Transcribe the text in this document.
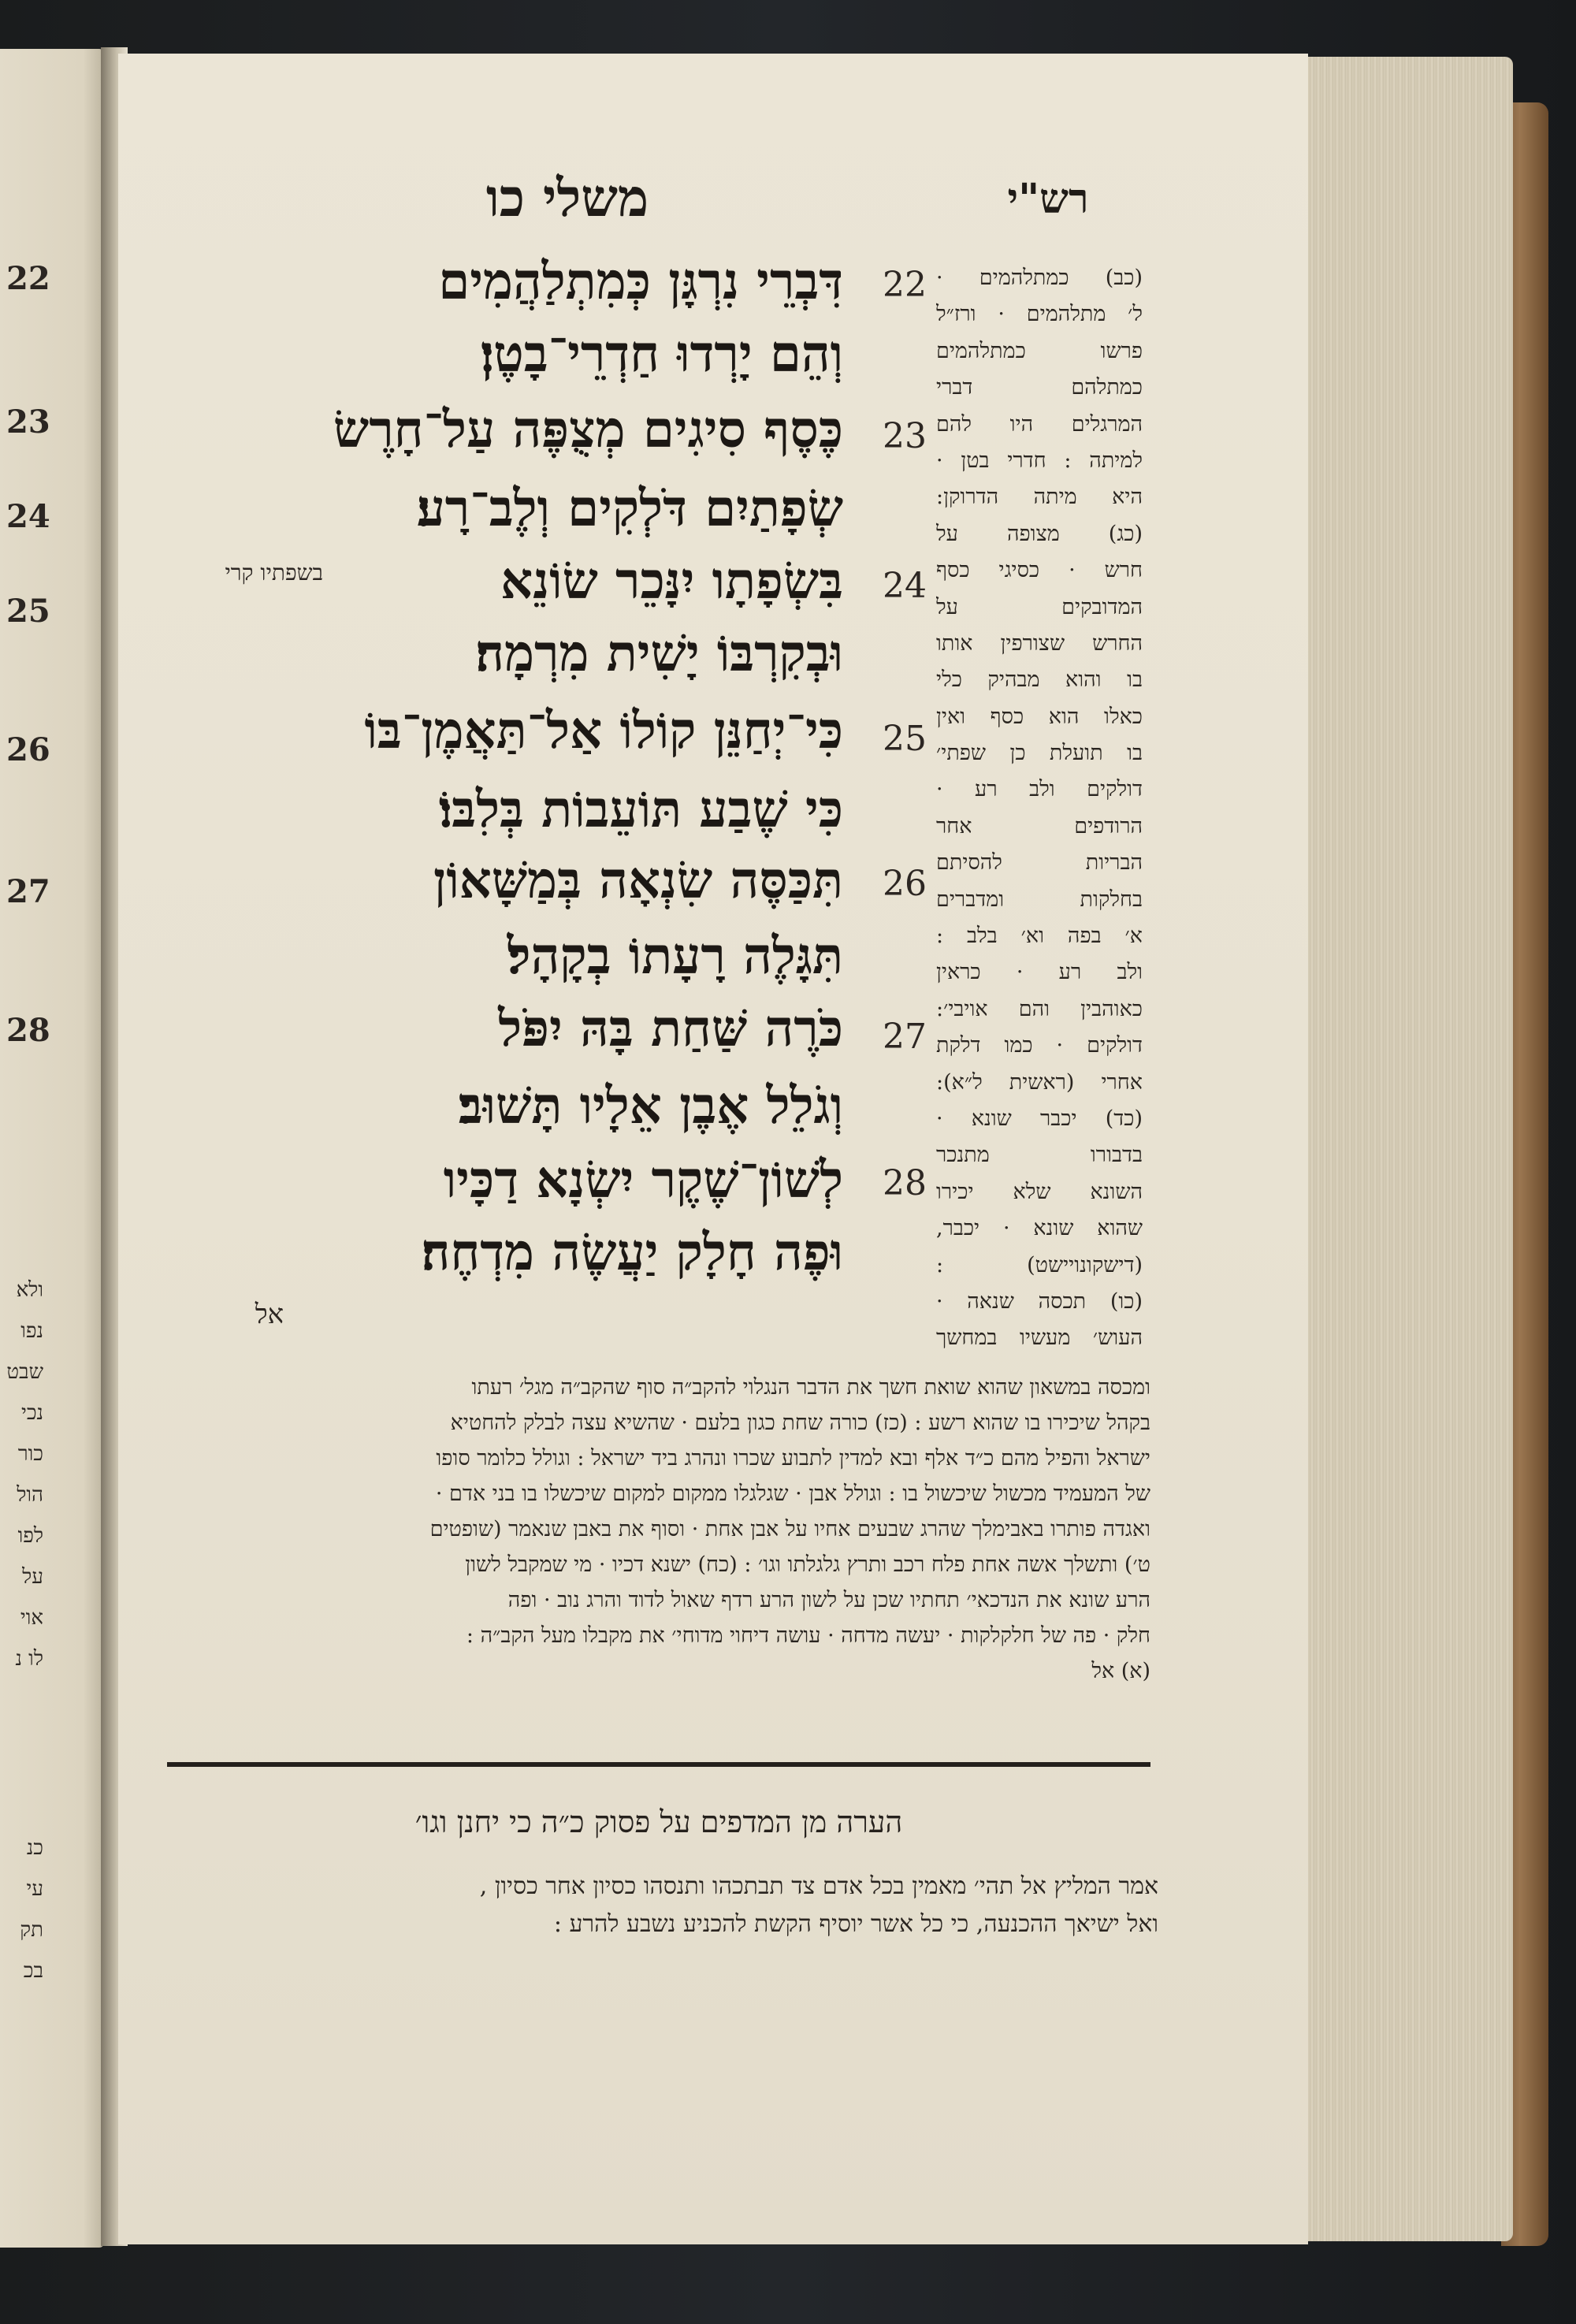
22
23
24
25
26
27
28
ולא
נפו
שבט
נכי
כור
הול
לפו
על
אוי
לו נ
כנ
עי
תק
בכ
משלי כו	רש"י
22
דִּבְרֵי נִרְגָּן כְּמִתְלַהֲמִים
וְהֵם יָרְדוּ חַדְרֵי־בָטֶן׃
23
כֶּסֶף סִיגִים מְצֻפֶּה עַל־חָרֶשׂ
שְׂפָתַיִם דֹּלְקִים וְלֶב־רָע׃
24
בִּשְׂפָתָו יִנָּכֵר שׂוֹנֵא
בשפתיו קרי
וּבְקִרְבּוֹ יָשִׁית מִרְמָה׃
25
כִּי־יְחַנֵּן קוֹלוֹ אַל־תַּאֲמֶן־בּוֹ
כִּי שֶׁבַע תּוֹעֵבוֹת בְּלִבּוֹ׃
26
תִּכַּסֶּה שִׂנְאָה בְּמַשָּׁאוֹן
תִּגָּלֶה רָעָתוֹ בְקָהָל׃
27
כֹּרֶה שַּׁחַת בָּהּ יִפֹּל
וְגֹלֵל אֶבֶן אֵלָיו תָּשׁוּב׃
28
לְשׁוֹן־שֶׁקֶר יִשְׂנָא דַכָּיו
וּפֶה חָלָק יַעֲשֶׂה מִדְחֶה׃
אל
(כב) כמתלהמים ·
ל׳ מתלהמים · ורז״ל
פרשו כמתלהמים
כמתלהם דברי
המרגלים היו להם
למיתה : חדרי בטן ·
היא מיתה הדרוקן:
(כג) מצופה על
חרש · כסיגי כסף
המדובקים על
החרש שצורפין אותו
בו והוא מבהיק כלי
כאלו הוא כסף ואין
בו תועלת כן שפתי׳
דולקים ולב רע ·
הרודפים אחר
הבריות להסיתם
בחלקות ומדברים
א׳ בפה וא׳ בלב :
ולב רע · כראין
כאוהבין והם אויבי׳:
דולקים · כמו דלקת
אחרי (ראשית ל״א):
(כד) יכבר שונא ·
בדבורו מתנכר
השונא שלא יכירו
שהוא שונא · יכבר,
(דישקונויישט) :
(כו) תכסה שנאה ·
העוש׳ מעשיו במחשך
ומכסה במשאון שהוא שואת חשך את הדבר הנגלוי להקב״ה סוף שהקב״ה מגל׳ רעתו
בקהל שיכירו בו שהוא רשע : (כז) כורה שחת כגון בלעם · שהשיא עצה לבלק להחטיא
ישראל והפיל מהם כ״ד אלף ובא למדין לתבוע שכרו ונהרג ביד ישראל : וגולל כלומר סופו
של המעמיד מכשול שיכשול בו : וגולל אבן · שגלגלו ממקום למקום שיכשלו בו בני אדם ·
ואגדה פותרו באבימלך שהרג שבעים אחיו על אבן אחת · וסוף את באבן שנאמר (שופטים
ט׳) ותשלך אשה אחת פלח רכב ותרץ גלגלתו וגו׳ : (כח) ישנא דכיו · מי שמקבל לשון
הרע שונא את הנדכאי׳ תחתיו שכן על לשון הרע רדף שאול לדוד והרג נוב · ופה
חלק · פה של חלקלקות · יעשה מדחה · עושה דיחוי מדוחי׳ את מקבלו מעל הקב״ה :
(א) אל
הערה מן המדפים על פסוק כ״ה כי יחנן וגו׳
אמר המליץ אל תהי׳ מאמין בכל אדם צד תבתכהו ותנסהו כסיון אחר כסיון ,
ואל ישיאך ההכנעה, כי כל אשר יוסיף הקשת להכניע נשבע להרע :
